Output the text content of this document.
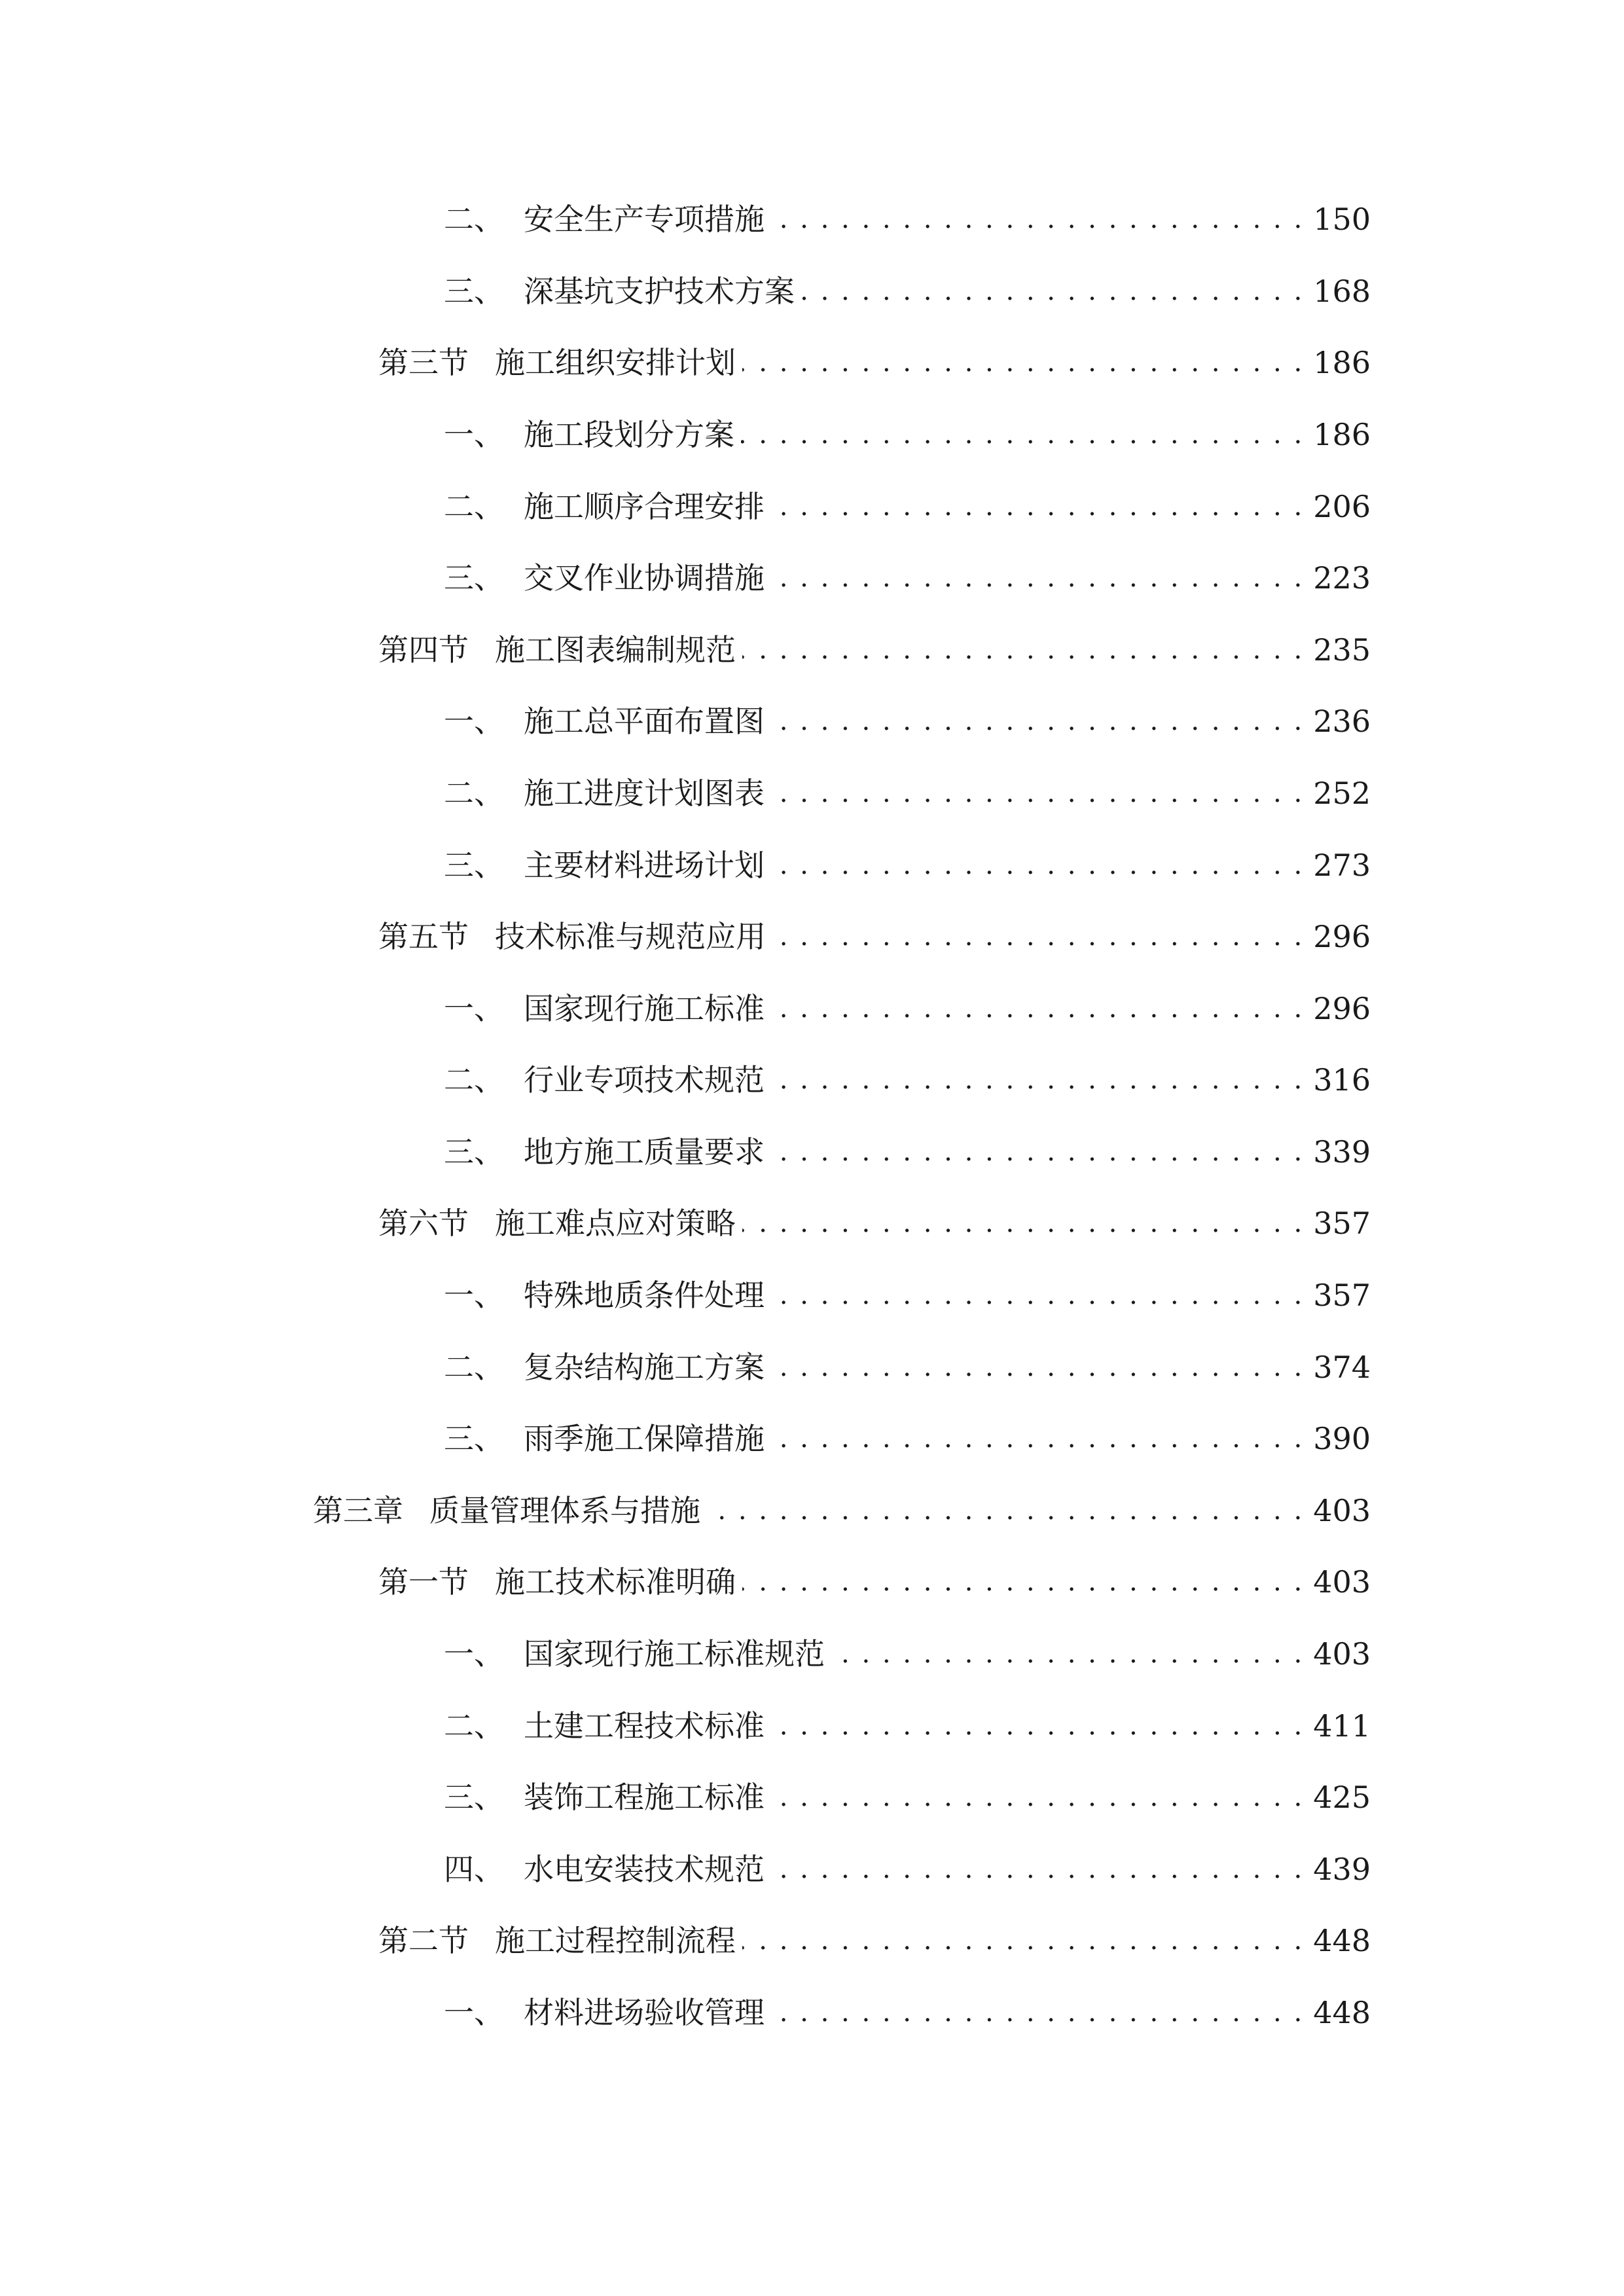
二、 安全生产专项措施 . . .	150
三、 深基坑支护技术方案 . . .	168
第三节 施工组织安排计划 . . .	186
一、 施工段划分方案 . . .	186
二、 施工顺序合理安排 . . .	206
三、 交叉作业协调措施 . . .	223
第四节 施工图表编制规范 . . .	235
一、 施工总平面布置图 . . .	236
二、 施工进度计划图表 . . .	252
三、 主要材料进场计划 . . .	273
第五节 技术标准与规范应用 . . .	296
一、 国家现行施工标准 . . .	296
二、 行业专项技术规范 . . .	316
三、 地方施工质量要求 . . .	339
第六节 施工难点应对策略 . . .	357
一、 特殊地质条件处理 . . .	357
二、 复杂结构施工方案 . . .	374
三、 雨季施工保障措施 . . .	390
第三章 质量管理体系与措施 . . .	403
第一节 施工技术标准明确 . . .	403
一、 国家现行施工标准规范 . . .	403
二、 土建工程技术标准 . . .	411
三、 装饰工程施工标准 . . .	425
四、 水电安装技术规范 . . .	439
第二节 施工过程控制流程 . . .	448
一、 材料进场验收管理 . . .	448
